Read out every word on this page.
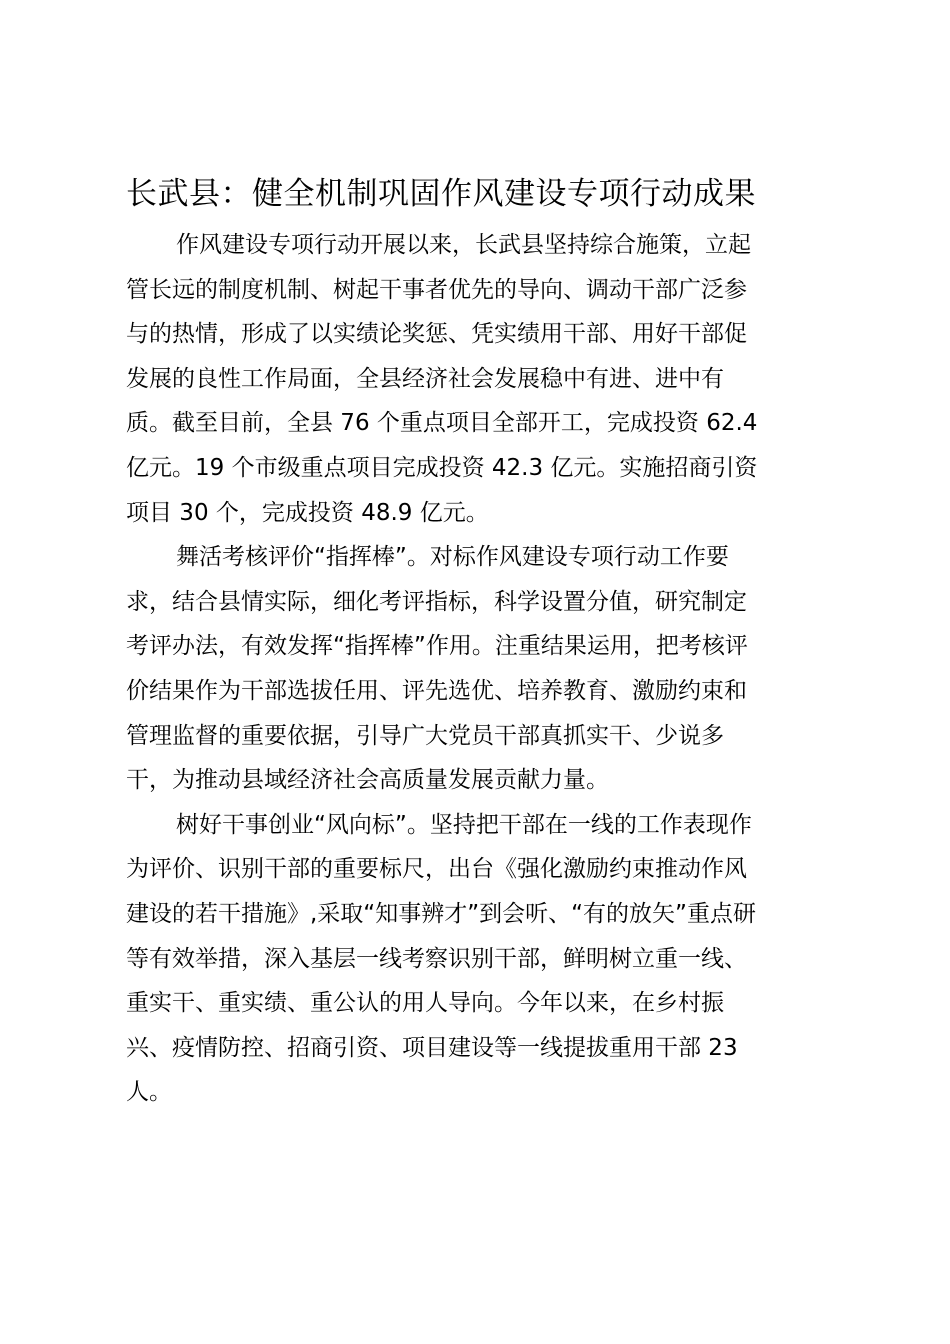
长武县：健全机制巩固作风建设专项行动成果

作风建设专项行动开展以来，长武县坚持综合施策，立起
管长远的制度机制、树起干事者优先的导向、调动干部广泛参
与的热情，形成了以实绩论奖惩、凭实绩用干部、用好干部促
发展的良性工作局面，全县经济社会发展稳中有进、进中有
质。截至目前，全县 76 个重点项目全部开工，完成投资 62.4
亿元。19 个市级重点项目完成投资 42.3 亿元。实施招商引资
项目 30 个，完成投资 48.9 亿元。

舞活考核评价“指挥棒”。对标作风建设专项行动工作要
求，结合县情实际，细化考评指标，科学设置分值，研究制定
考评办法，有效发挥“指挥棒”作用。注重结果运用，把考核评
价结果作为干部选拔任用、评先选优、培养教育、激励约束和
管理监督的重要依据，引导广大党员干部真抓实干、少说多
干，为推动县域经济社会高质量发展贡献力量。

树好干事创业“风向标”。坚持把干部在一线的工作表现作
为评价、识别干部的重要标尺，出台《强化激励约束推动作风
建设的若干措施》,采取“知事辨才”到会听、“有的放矢”重点研
等有效举措，深入基层一线考察识别干部，鲜明树立重一线、
重实干、重实绩、重公认的用人导向。今年以来，在乡村振
兴、疫情防控、招商引资、项目建设等一线提拔重用干部 23
人。
